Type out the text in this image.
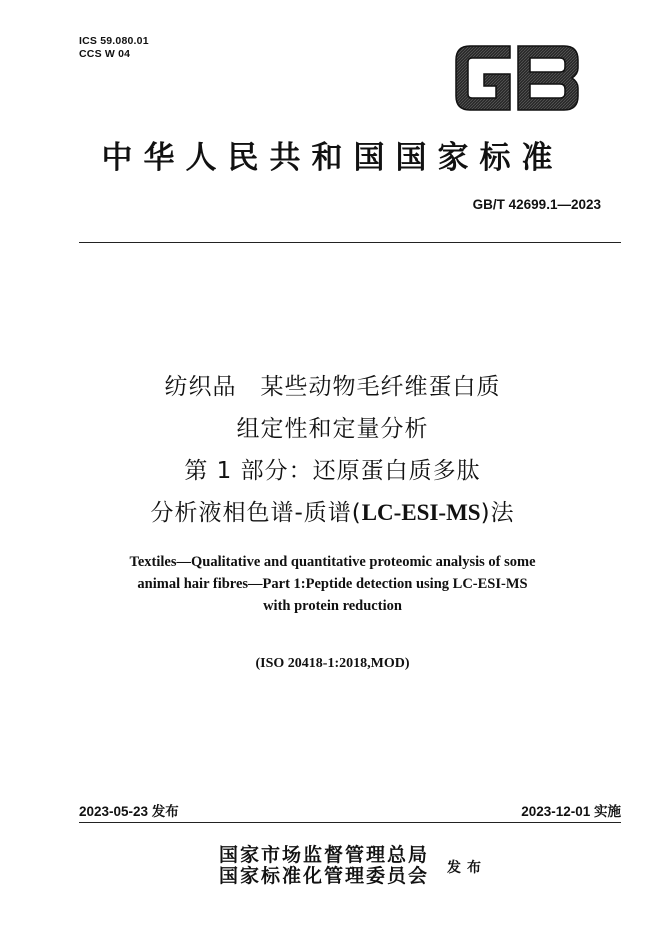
ICS 59.080.01
CCS W 04
中华人民共和国国家标准
GB/T 42699.1—2023
纺织品　某些动物毛纤维蛋白质
组定性和定量分析
第 1 部分：还原蛋白质多肽
分析液相色谱-质谱(LC-ESI-MS)法
Textiles—Qualitative and quantitative proteomic analysis of some
animal hair fibres—Part 1:Peptide detection using LC-ESI-MS
with protein reduction
(ISO 20418-1:2018,MOD)
2023-05-23 发布	2023-12-01 实施
国家市场监督管理总局
国家标准化管理委员会 发布
